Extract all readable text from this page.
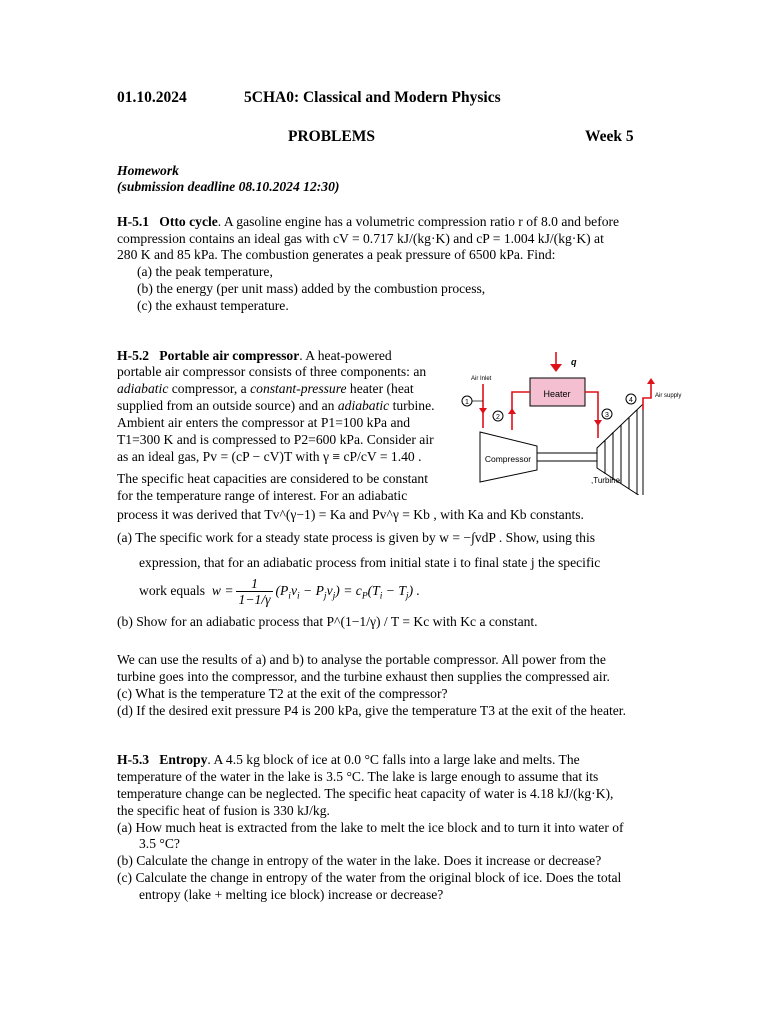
01.10.2024	5CHA0: Classical and Modern Physics
PROBLEMS	Week 5
Homework
(submission deadline 08.10.2024 12:30)
H-5.1 Otto cycle. A gasoline engine has a volumetric compression ratio r of 8.0 and before
compression contains an ideal gas with cV = 0.717 kJ/(kg·K) and cP = 1.004 kJ/(kg·K) at
280 K and 85 kPa. The combustion generates a peak pressure of 6500 kPa. Find:
(a) the peak temperature,
(b) the energy (per unit mass) added by the combustion process,
(c) the exhaust temperature.
H-5.2 Portable air compressor. A heat-powered
portable air compressor consists of three components: an
adiabatic compressor, a constant-pressure heater (heat
supplied from an outside source) and an adiabatic turbine.
Ambient air enters the compressor at P1=100 kPa and
T1=300 K and is compressed to P2=600 kPa. Consider air
as an ideal gas, Pv = (cP − cV)T with γ ≡ cP/cV = 1.40 .
The specific heat capacities are considered to be constant
for the temperature range of interest. For an adiabatic
process it was derived that Tv^(γ−1) = Ka and Pv^γ = Kb , with Ka and Kb constants.
(a) The specific work for a steady state process is given by w = −∫vdP . Show, using this
expression, that for an adiabatic process from initial state i to final state j the specific
work equals  $w = \frac{1}{1-1/\gamma} (P_iv_i - P_jv_j) = c_P(T_i - T_j)$ .
(b) Show for an adiabatic process that P^(1−1/γ) / T = Kc with Kc a constant.
We can use the results of a) and b) to analyse the portable compressor. All power from the
turbine goes into the compressor, and the turbine exhaust then supplies the compressed air.
(c) What is the temperature T2 at the exit of the compressor?
(d) If the desired exit pressure P4 is 200 kPa, give the temperature T3 at the exit of the heater.
q
Heater
Air Inlet
1
2	3
Compressor
,Turbine
4
Air supply
H-5.3 Entropy. A 4.5 kg block of ice at 0.0 °C falls into a large lake and melts. The
temperature of the water in the lake is 3.5 °C. The lake is large enough to assume that its
temperature change can be neglected. The specific heat capacity of water is 4.18 kJ/(kg·K),
the specific heat of fusion is 330 kJ/kg.
(a) How much heat is extracted from the lake to melt the ice block and to turn it into water of
3.5 °C?
(b) Calculate the change in entropy of the water in the lake. Does it increase or decrease?
(c) Calculate the change in entropy of the water from the original block of ice. Does the total
entropy (lake + melting ice block) increase or decrease?
